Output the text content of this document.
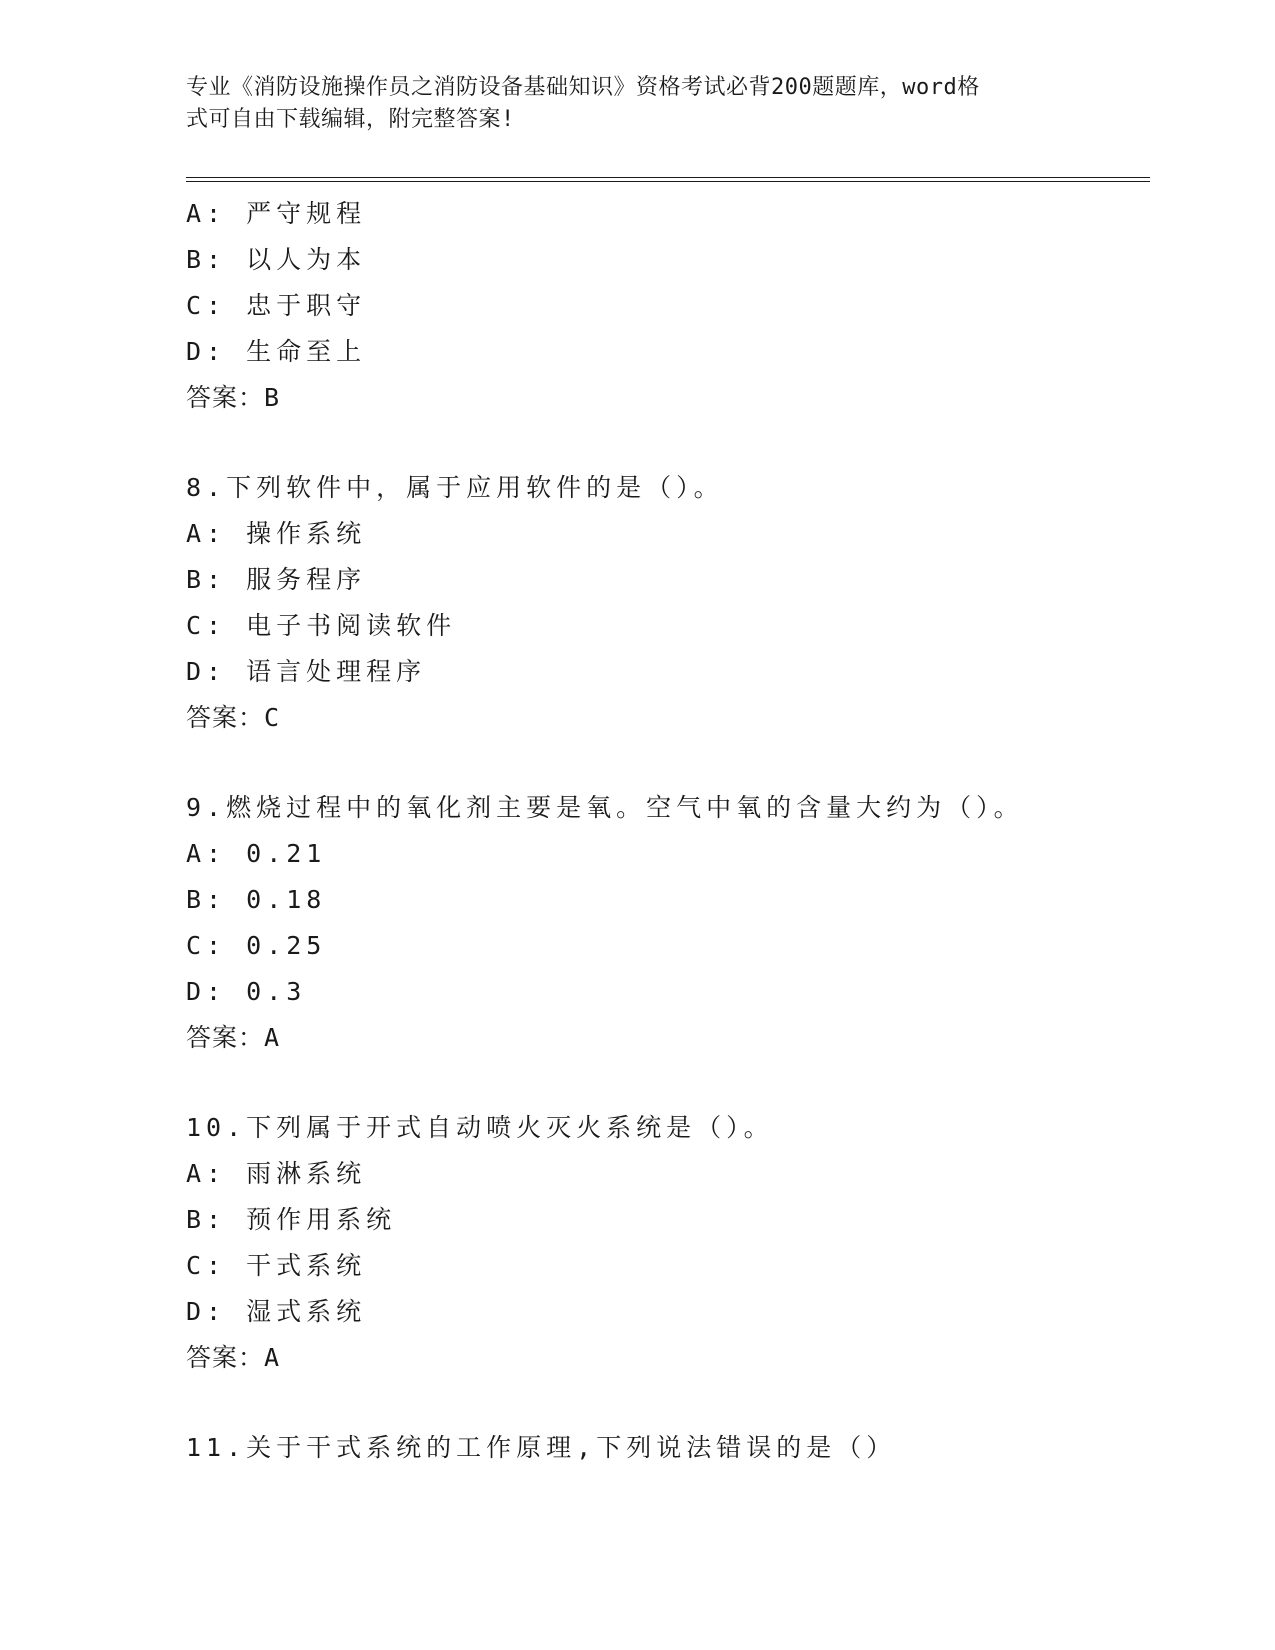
专业《消防设施操作员之消防设备基础知识》资格考试必背200题题库，word格
式可自由下载编辑，附完整答案!
A: 严守规程
B: 以人为本
C: 忠于职守
D: 生命至上
答案：B
8.下列软件中，属于应用软件的是（）。
A: 操作系统
B: 服务程序
C: 电子书阅读软件
D: 语言处理程序
答案：C
9.燃烧过程中的氧化剂主要是氧。空气中氧的含量大约为（）。
A: 0.21
B: 0.18
C: 0.25
D: 0.3
答案：A
10.下列属于开式自动喷火灭火系统是（）。
A: 雨淋系统
B: 预作用系统
C: 干式系统
D: 湿式系统
答案：A
11.关于干式系统的工作原理,下列说法错误的是（）
